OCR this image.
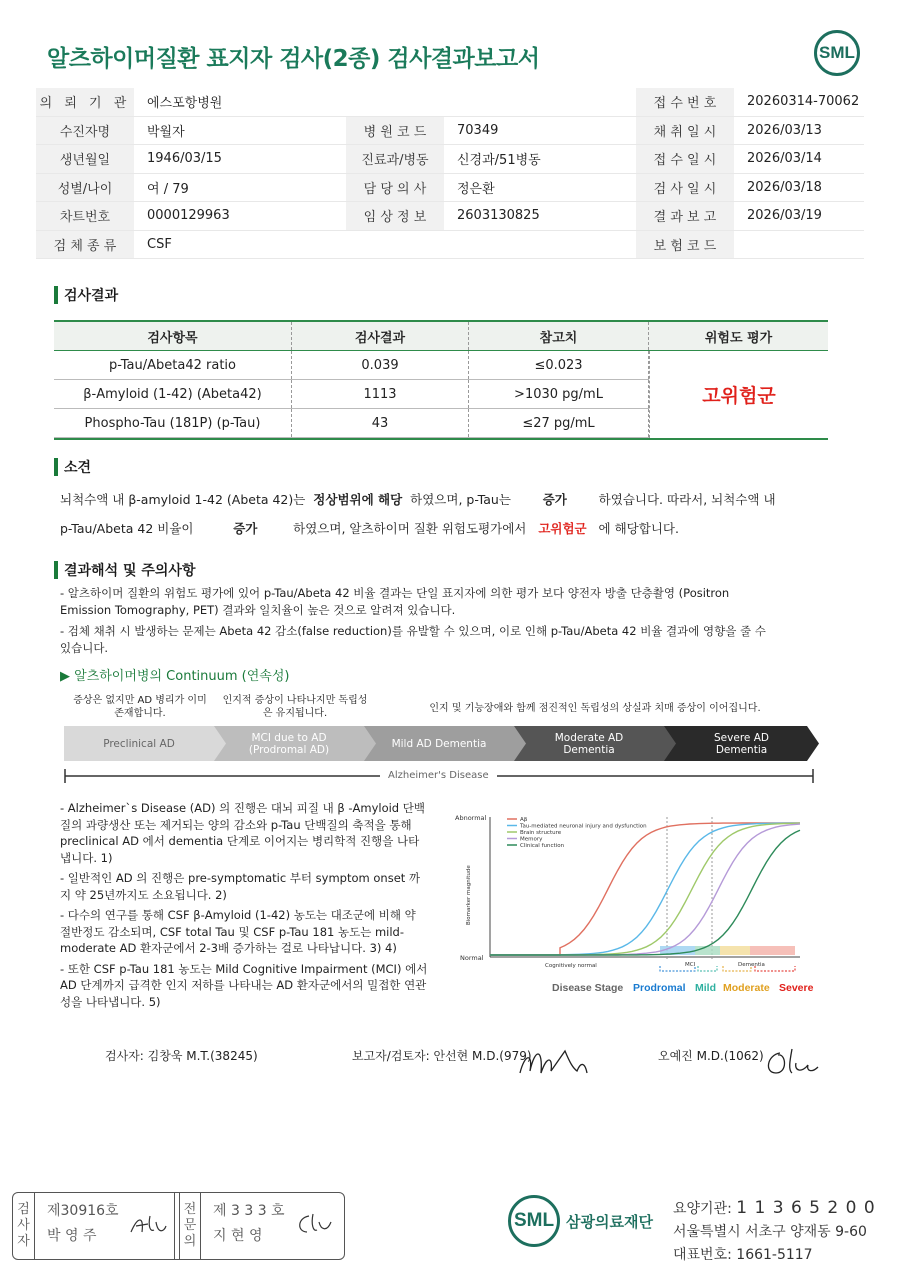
알츠하이머질환 표지자 검사(2종) 검사결과보고서	SML
의 뢰 기 관	에스포항병원	접 수 번 호	20260314-70062
수진자명	박월자	병 원 코 드	70349	채 취 일 시	2026/03/13
생년월일	1946/03/15	진료과/병동	신경과/51병동	접 수 일 시	2026/03/14
성별/나이	여 / 79	담 당 의 사	정은환	검 사 일 시	2026/03/18
차트번호	0000129963	임 상 정 보	2603130825	결 과 보 고	2026/03/19
검 체 종 류	CSF	보 험 코 드
검사결과
검사항목	검사결과	참고치	위험도 평가
p-Tau/Abeta42 ratio	0.039	≤0.023
β-Amyloid (1-42) (Abeta42)	1113	>1030 pg/mL
Phospho-Tau (181P) (p-Tau)	43	≤27 pg/mL
고위험군
소견
뇌척수액 내 β-amyloid 1-42 (Abeta 42)는 정상범위에 해당 하였으며, p-Tau는	증가	하였습니다. 따라서, 뇌척수액 내
p-Tau/Abeta 42 비율이	증가	하였으며, 알츠하이머 질환 위험도평가에서 고위험군 에 해당합니다.
결과해석 및 주의사항
- 알츠하이머 질환의 위험도 평가에 있어 p-Tau/Abeta 42 비율 결과는 단일 표지자에 의한 평가 보다 양전자 방출 단층촬영 (Positron Emission Tomography, PET) 결과와 일치율이 높은 것으로 알려져 있습니다.
- 검체 채취 시 발생하는 문제는 Abeta 42 감소(false reduction)를 유발할 수 있으며, 이로 인해 p-Tau/Abeta 42 비율 결과에 영향을 줄 수 있습니다.
▶ 알츠하이머병의 Continuum (연속성)
증상은 없지만 AD 병리가 이미 존재합니다.
인지적 증상이 나타나지만 독립성은 유지됩니다.	인지 및 기능장애와 함께 점진적인 독립성의 상실과 치매 증상이 이어집니다.
Preclinical AD	MCI due to AD (Prodromal AD)	Mild AD Dementia	Moderate AD Dementia
Severe AD Dementia
Alzheimer's Disease

- Alzheimer`s Disease (AD) 의 진행은 대뇌 피질 내 β -Amyloid 단백질의 과량생산 또는 제거되는 양의 감소와 p-Tau 단백질의 축적을 통해 preclinical AD 에서 dementia 단계로 이어지는 병리학적 진행을 나타냅니다. 1)

- 일반적인 AD 의 진행은 pre-symptomatic 부터 symptom onset 까지 약 25년까지도 소요됩니다. 2)

- 다수의 연구를 통해 CSF β-Amyloid (1-42) 농도는 대조군에 비해 약 절반정도 감소되며, CSF total Tau 및 CSF p-Tau 181 농도는 mild-moderate AD 환자군에서 2-3배 증가하는 걸로 나타납니다. 3) 4)

- 또한 CSF p-Tau 181 농도는 Mild Cognitive Impairment (MCI) 에서 AD 단계까지 급격한 인지 저하를 나타내는 AD 환자군에서의 밀접한 연관성을 나타냅니다. 5)

Abnormal
Normal
Biomarker magnitude
Aβ
Tau-mediated neuronal injury and dysfunction
Brain structure
Memory
Clinical function
Cognitively normal	MCI	Dementia
Disease Stage Prodromal Mild Moderate Severe
검사자: 김창욱 M.T.(38245)	보고자/검토자: 안선현 M.D.(979)	오예진 M.D.(1062)
검
사
자
제30916호
박 영 주
전
문
의
제 3 3 3 호
지 현 영
SML 삼광의료재단
요양기관: 1 1 3 6 5 2 0 0
서울특별시 서초구 양재동 9-60
대표번호: 1661-5117
